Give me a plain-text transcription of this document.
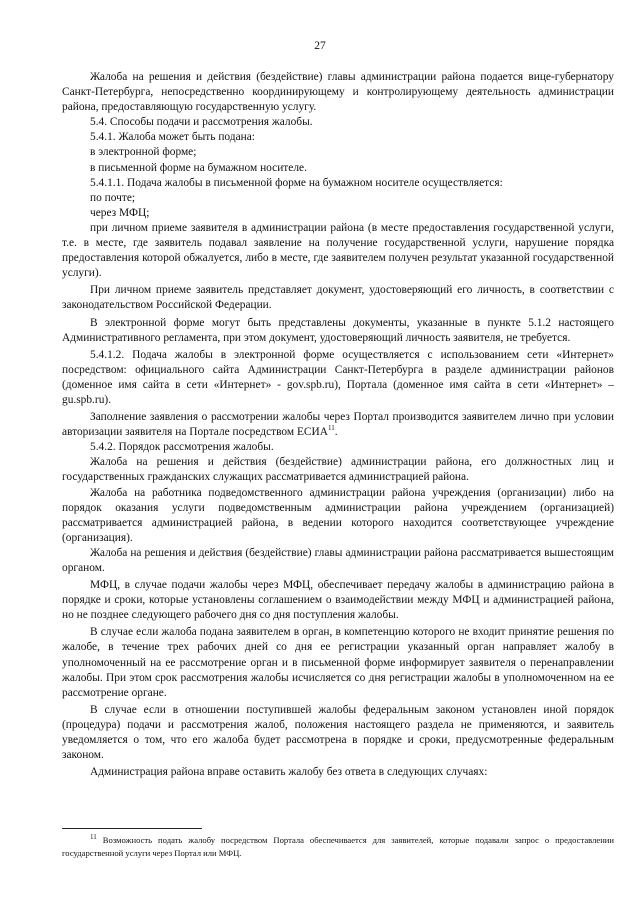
27

Жалоба на решения и действия (бездействие) главы администрации района подается вице-губернатору Санкт-Петербурга, непосредственно координирующему и контролирующему деятельность администрации района, предоставляющую государственную услугу.

5.4. Способы подачи и рассмотрения жалобы.

5.4.1. Жалоба может быть подана:

в электронной форме;

в письменной форме на бумажном носителе.

5.4.1.1. Подача жалобы в письменной форме на бумажном носителе осуществляется:

по почте;

через МФЦ;

при личном приеме заявителя в администрации района (в месте предоставления государственной услуги, т.е. в месте, где заявитель подавал заявление на получение государственной услуги, нарушение порядка предоставления которой обжалуется, либо в месте, где заявителем получен результат указанной государственной услуги).

При личном приеме заявитель представляет документ, удостоверяющий его личность, в соответствии с законодательством Российской Федерации.

В электронной форме могут быть представлены документы, указанные в пункте 5.1.2 настоящего Административного регламента, при этом документ, удостоверяющий личность заявителя, не требуется.

5.4.1.2. Подача жалобы в электронной форме осуществляется с использованием сети «Интернет» посредством: официального сайта Администрации Санкт-Петербурга в разделе администрации районов (доменное имя сайта в сети «Интернет» - gov.spb.ru), Портала (доменное имя сайта в сети «Интернет» – gu.spb.ru).

Заполнение заявления о рассмотрении жалобы через Портал производится заявителем лично при условии авторизации заявителя на Портале посредством ЕСИА$^{11}$.

5.4.2. Порядок рассмотрения жалобы.

Жалоба на решения и действия (бездействие) администрации района, его должностных лиц и государственных гражданских служащих рассматривается администрацией района.

Жалоба на работника подведомственного администрации района учреждения (организации) либо на порядок оказания услуги подведомственным администрации района учреждением (организацией) рассматривается администрацией района, в ведении которого находится соответствующее учреждение (организация).

Жалоба на решения и действия (бездействие) главы администрации района рассматривается вышестоящим органом.

МФЦ, в случае подачи жалобы через МФЦ, обеспечивает передачу жалобы в администрацию района в порядке и сроки, которые установлены соглашением о взаимодействии между МФЦ и администрацией района, но не позднее следующего рабочего дня со дня поступления жалобы.

В случае если жалоба подана заявителем в орган, в компетенцию которого не входит принятие решения по жалобе, в течение трех рабочих дней со дня ее регистрации указанный орган направляет жалобу в уполномоченный на ее рассмотрение орган и в письменной форме информирует заявителя о перенаправлении жалобы. При этом срок рассмотрения жалобы исчисляется со дня регистрации жалобы в уполномоченном на ее рассмотрение органе.

В случае если в отношении поступившей жалобы федеральным законом установлен иной порядок (процедура) подачи и рассмотрения жалоб, положения настоящего раздела не применяются, и заявитель уведомляется о том, что его жалоба будет рассмотрена в порядке и сроки, предусмотренные федеральным законом.

Администрация района вправе оставить жалобу без ответа в следующих случаях:

$^{11}$ Возможность подать жалобу посредством Портала обеспечивается для заявителей, которые подавали запрос о предоставлении государственной услуги через Портал или МФЦ.
